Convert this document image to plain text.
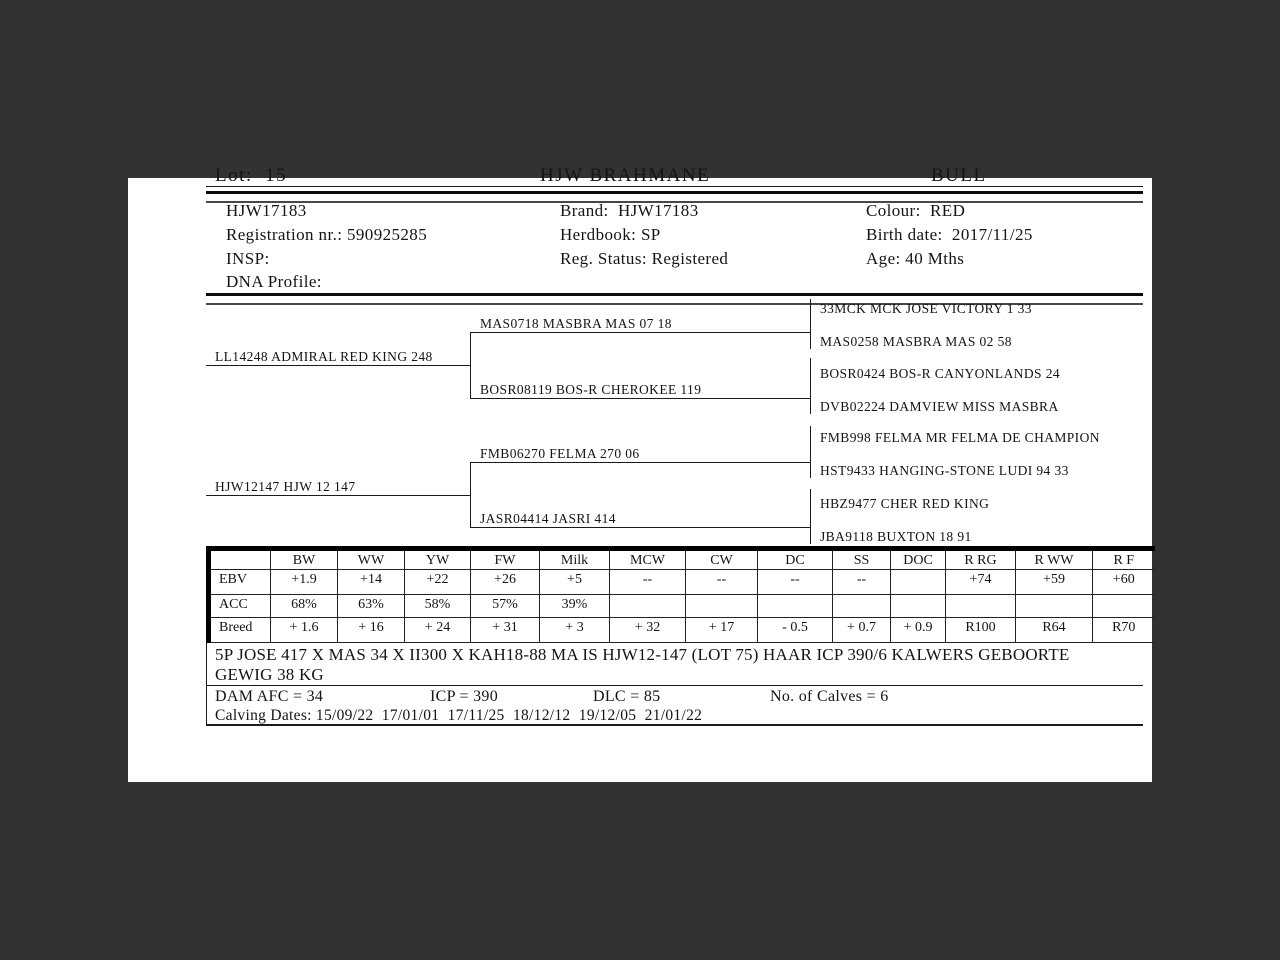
Lot:  15	HJW BRAHMANE	BULL
HJW17183
Registration nr.: 590925285
INSP:
DNA Profile:
Brand:  HJW17183
Herdbook: SP
Reg. Status: Registered
Colour:  RED
Birth date:  2017/11/25
Age: 40 Mths
LL14248 ADMIRAL RED KING 248
HJW12147 HJW 12 147
MAS0718 MASBRA MAS 07 18
BOSR08119 BOS-R CHEROKEE 119
FMB06270 FELMA 270 06
JASR04414 JASRI 414
33MCK MCK JOSE VICTORY 1 33
MAS0258 MASBRA MAS 02 58
BOSR0424 BOS-R CANYONLANDS 24
DVB02224 DAMVIEW MISS MASBRA
FMB998 FELMA MR FELMA DE CHAMPION
HST9433 HANGING-STONE LUDI 94 33
HBZ9477 CHER RED KING
JBA9118 BUXTON 18 91
	BW	WW	YW	FW	Milk	MCW	CW	DC	SS	DOC	R RG	R WW	R F
EBV	+1.9	+14	+22	+26	+5	--	--	--	--		+74	+59	+60
ACC	68%	63%	58%	57%	39%								
Breed	+ 1.6	+ 16	+ 24	+ 31	+ 3	+ 32	+ 17	- 0.5	+ 0.7	+ 0.9	R100	R64	R70
5P JOSE 417 X MAS 34 X II300 X KAH18-88 MA IS HJW12-147 (LOT 75) HAAR ICP 390/6 KALWERS GEBOORTE
GEWIG 38 KG
DAM AFC = 34	ICP = 390	DLC = 85	No. of Calves = 6
Calving Dates: 15/09/22  17/01/01  17/11/25  18/12/12  19/12/05  21/01/22
